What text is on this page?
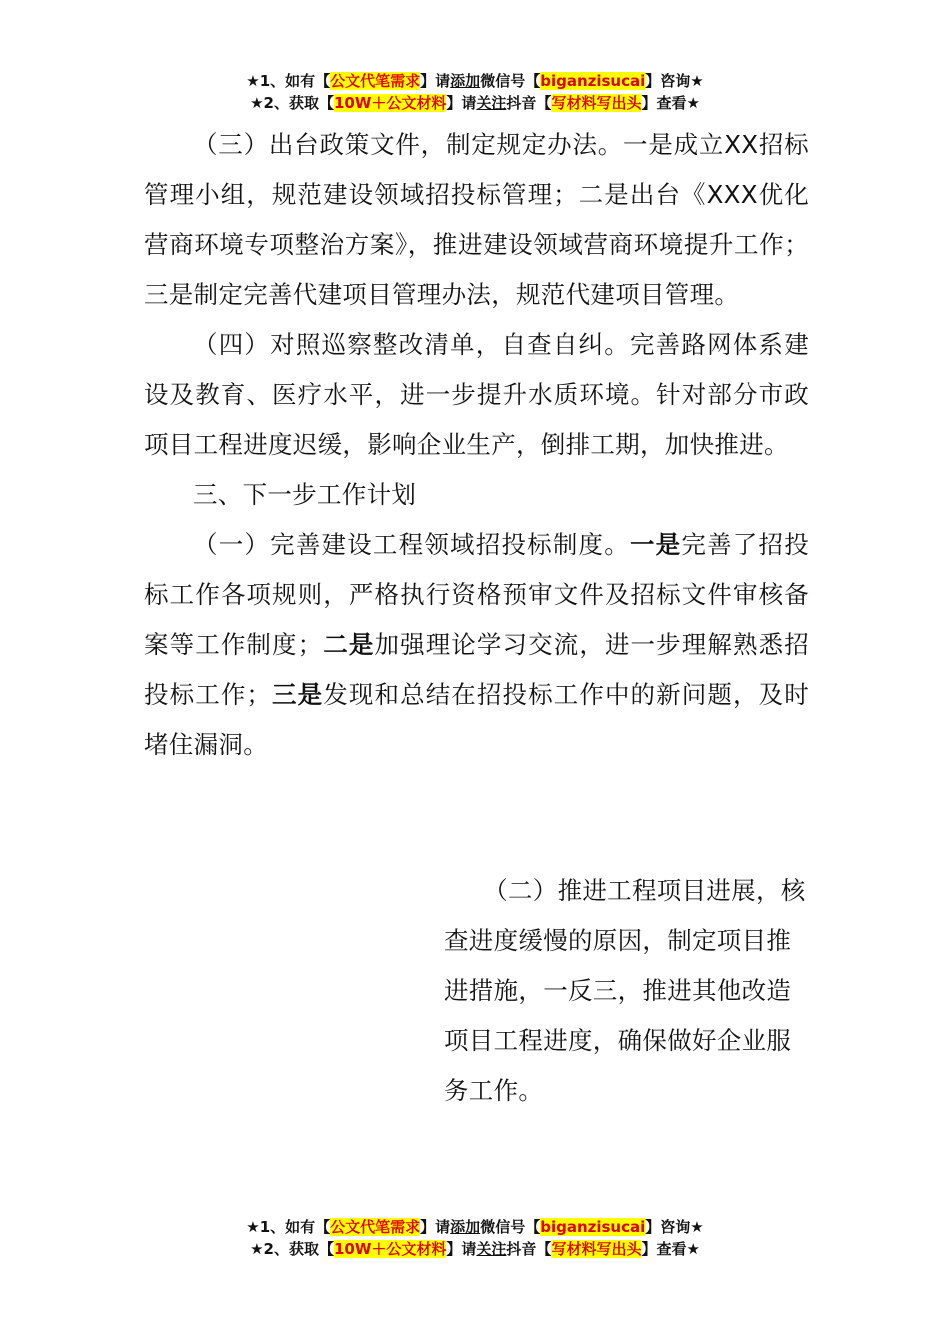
★1、如有【公文代笔需求】请添加微信号【biganzisucai】咨询★
★2、获取【10W＋公文材料】请关注抖音【写材料写出头】查看★

（三）出台政策文件，制定规定办法。一是成立XX招标管理小组，规范建设领域招投标管理；二是出台《XXX优化营商环境专项整治方案》，推进建设领域营商环境提升工作；三是制定完善代建项目管理办法，规范代建项目管理。

（四）对照巡察整改清单，自查自纠。完善路网体系建设及教育、医疗水平，进一步提升水质环境。针对部分市政项目工程进度迟缓，影响企业生产，倒排工期，加快推进。

三、下一步工作计划

（一）完善建设工程领域招投标制度。一是完善了招投标工作各项规则，严格执行资格预审文件及招标文件审核备案等工作制度；二是加强理论学习交流，进一步理解熟悉招投标工作；三是发现和总结在招投标工作中的新问题，及时堵住漏洞。

（二）推进工程项目进展，核查进度缓慢的原因，制定项目推进措施，一反三，推进其他改造项目工程进度，确保做好企业服务工作。

★1、如有【公文代笔需求】请添加微信号【biganzisucai】咨询★
★2、获取【10W＋公文材料】请关注抖音【写材料写出头】查看★
